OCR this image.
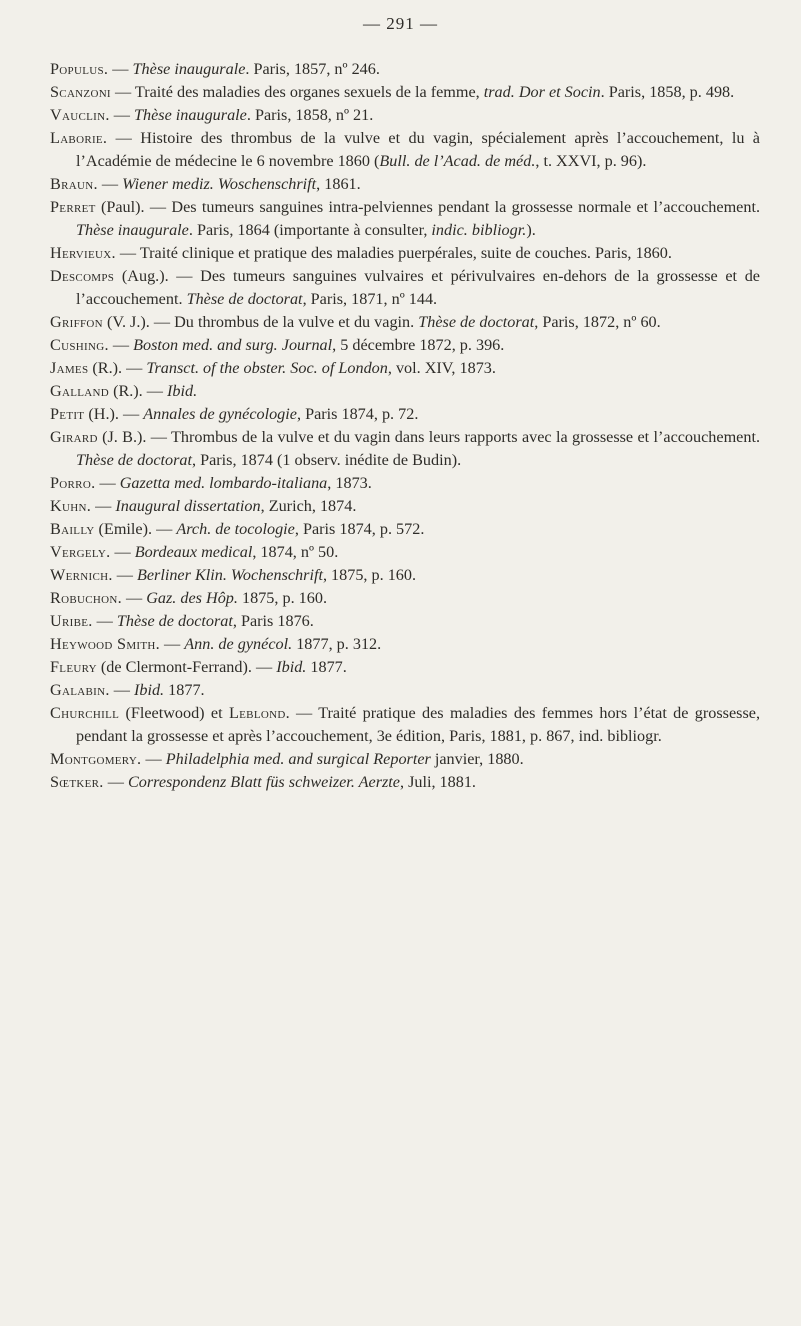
— 291 —

Populus. — Thèse inaugurale. Paris, 1857, nº 246.

Scanzoni — Traité des maladies des organes sexuels de la femme, trad. Dor et Socin. Paris, 1858, p. 498.

Vauclin. — Thèse inaugurale. Paris, 1858, nº 21.

Laborie. — Histoire des thrombus de la vulve et du vagin, spécialement après l’accouchement, lu à l’Académie de médecine le 6 novembre 1860 (Bull. de l’Acad. de méd., t. XXVI, p. 96).

Braun. — Wiener mediz. Woschenschrift, 1861.

Perret (Paul). — Des tumeurs sanguines intra-pelviennes pendant la grossesse normale et l’accouchement. Thèse inaugurale. Paris, 1864 (importante à consulter, indic. bibliogr.).

Hervieux. — Traité clinique et pratique des maladies puerpérales, suite de couches. Paris, 1860.

Descomps (Aug.). — Des tumeurs sanguines vulvaires et périvulvaires en-dehors de la grossesse et de l’accouchement. Thèse de doctorat, Paris, 1871, nº 144.

Griffon (V. J.). — Du thrombus de la vulve et du vagin. Thèse de doctorat, Paris, 1872, nº 60.

Cushing. — Boston med. and surg. Journal, 5 décembre 1872, p. 396.

James (R.). — Transct. of the obster. Soc. of London, vol. XIV, 1873.

Galland (R.). — Ibid.

Petit (H.). — Annales de gynécologie, Paris 1874, p. 72.

Girard (J. B.). — Thrombus de la vulve et du vagin dans leurs rapports avec la grossesse et l’accouchement. Thèse de doctorat, Paris, 1874 (1 observ. inédite de Budin).

Porro. — Gazetta med. lombardo-italiana, 1873.

Kuhn. — Inaugural dissertation, Zurich, 1874.

Bailly (Emile). — Arch. de tocologie, Paris 1874, p. 572.

Vergely. — Bordeaux medical, 1874, nº 50.

Wernich. — Berliner Klin. Wochenschrift, 1875, p. 160.

Robuchon. — Gaz. des Hôp. 1875, p. 160.

Uribe. — Thèse de doctorat, Paris 1876.

Heywood Smith. — Ann. de gynécol. 1877, p. 312.

Fleury (de Clermont-Ferrand). — Ibid. 1877.

Galabin. — Ibid. 1877.

Churchill (Fleetwood) et Leblond. — Traité pratique des maladies des femmes hors l’état de grossesse, pendant la grossesse et après l’accouchement, 3e édition, Paris, 1881, p. 867, ind. bibliogr.

Montgomery. — Philadelphia med. and surgical Reporter janvier, 1880.

Sœtker. — Correspondenz Blatt füs schweizer. Aerzte, Juli, 1881.
